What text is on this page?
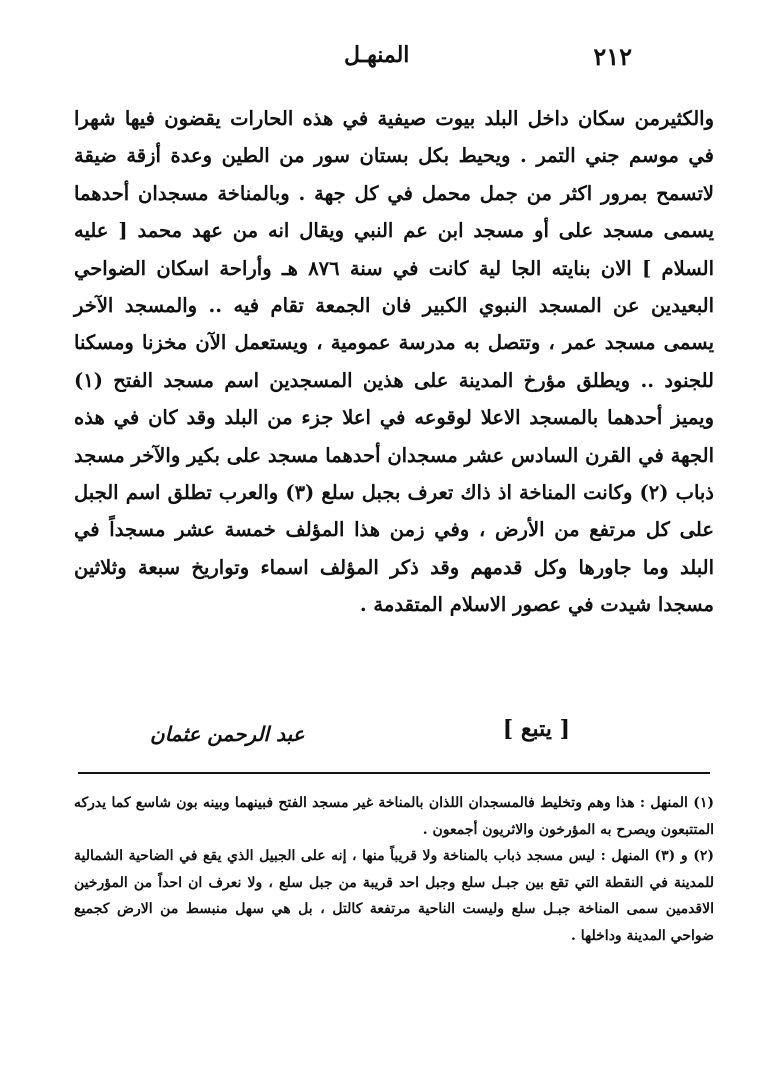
٢١٢
المنهـل

والكثيرمن سكان داخل البلد بيوت صيفية في هذه الحارات يقضون فيها شهرا في موسم جني التمر . ويحيط بكل بستان سور من الطين وعدة أزقة ضيقة لاتسمح بمرور اكثر من جمل محمل في كل جهة . وبالمناخة مسجدان أحدهما يسمى مسجد على أو مسجد ابن عم النبي ويقال انه من عهد محمد [ عليه السلام ] الان بنايته الجا لية كانت في سنة ٨٧٦ هـ وأراحة اسكان الضواحي البعيدين عن المسجد النبوي الكبير فان الجمعة تقام فيه .. والمسجد الآخر يسمى مسجد عمر ، وتتصل به مدرسة عمومية ، ويستعمل الآن مخزنا ومسكنا للجنود .. ويطلق مؤرخ المدينة على هذين المسجدين اسم مسجد الفتح (١) ويميز أحدهما بالمسجد الاعلا لوقوعه في اعلا جزء من البلد وقد كان في هذه الجهة في القرن السادس عشر مسجدان أحدهما مسجد على بكير والآخر مسجد ذباب (٢) وكانت المناخة اذ ذاك تعرف بجبل سلع (٣) والعرب تطلق اسم الجبل على كل مرتفع من الأرض ، وفي زمن هذا المؤلف خمسة عشر مسجداً في البلد وما جاورها وكل قدمهم وقد ذكر المؤلف اسماء وتواريخ سبعة وثلاثين مسجدا شيدت في عصور الاسلام المتقدمة .

[ يتبع ]
عبد الرحمن عثمان

(١) المنهل : هذا وهم وتخليط فالمسجدان اللذان بالمناخة غير مسجد الفتح فبينهما وبينه بون شاسع كما يدركه المتتبعون ويصرح به المؤرخون والاثريون أجمعون .

(٢) و (٣) المنهل : ليس مسجد ذباب بالمناخة ولا قريباً منها ، إنه على الجبيل الذي يقع في الضاحية الشمالية للمدينة في النقطة التي تقع بين جبـل سلع وجبل احد قريبة من جبل سلع ، ولا نعرف ان احداً من المؤرخين الاقدمين سمى المناخة جبـل سلع وليست الناحية مرتفعة كالتل ، بل هي سهل منبسط من الارض كجميع ضواحي المدينة وداخلها .
